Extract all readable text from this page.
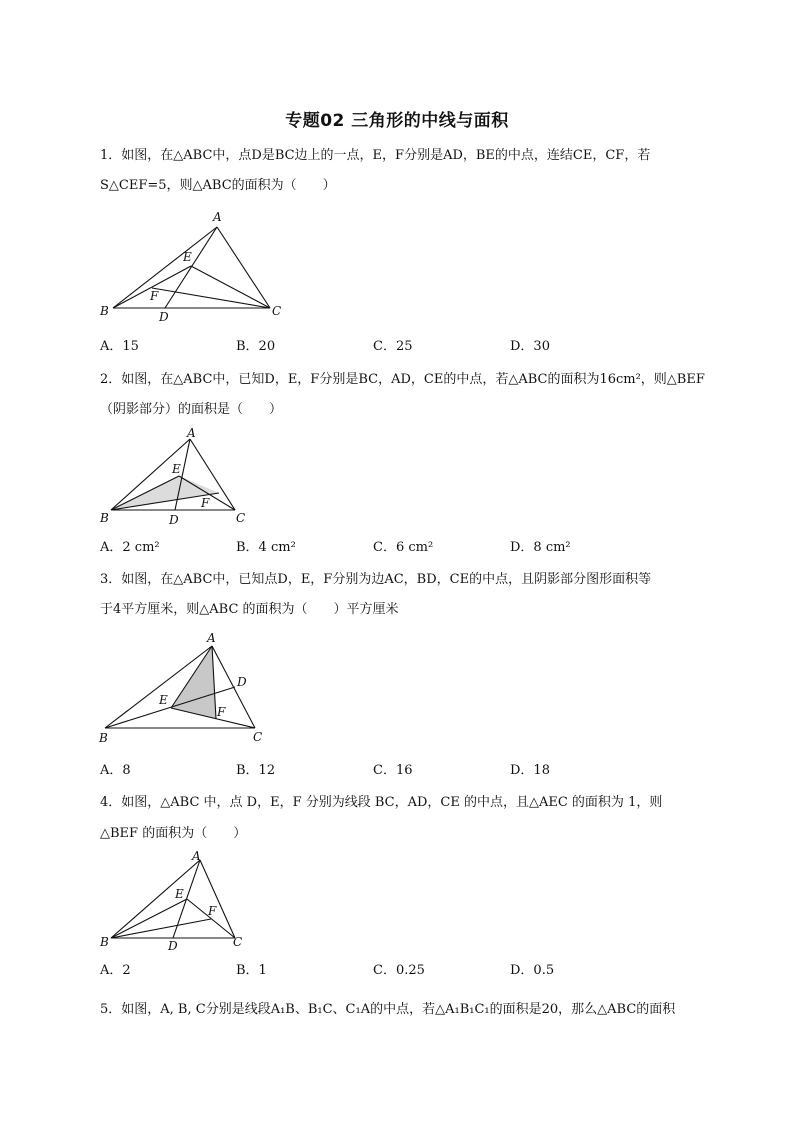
专题02 三角形的中线与面积
1．如图，在△ABC中，点D是BC边上的一点，E，F分别是AD，BE的中点，连结CE，CF，若
S△CEF=5，则△ABC的面积为（　　）
A
E
F
B	D	C
A．15	B．20	C．25	D．30
2．如图，在△ABC中，已知D，E，F分别是BC，AD，CE的中点，若△ABC的面积为16cm²，则△BEF
（阴影部分）的面积是（　　）
A
E
F
B	D	C
A．2 cm²	B．4 cm²	C．6 cm²	D．8 cm²
3．如图，在△ABC中，已知点D，E，F分别为边AC，BD，CE的中点，且阴影部分图形面积等
于4平方厘米，则△ABC 的面积为（　　）平方厘米
A
D
E
F
B	C
A．8	B．12	C．16	D．18
4．如图，△ABC 中，点 D，E，F 分别为线段 BC，AD，CE 的中点，且△AEC 的面积为 1，则
△BEF 的面积为（　　）
A
E
F
B	D	C
A．2	B．1	C．0.25	D．0.5
5．如图，A, B, C分别是线段A₁B、B₁C、C₁A的中点，若△A₁B₁C₁的面积是20，那么△ABC的面积
